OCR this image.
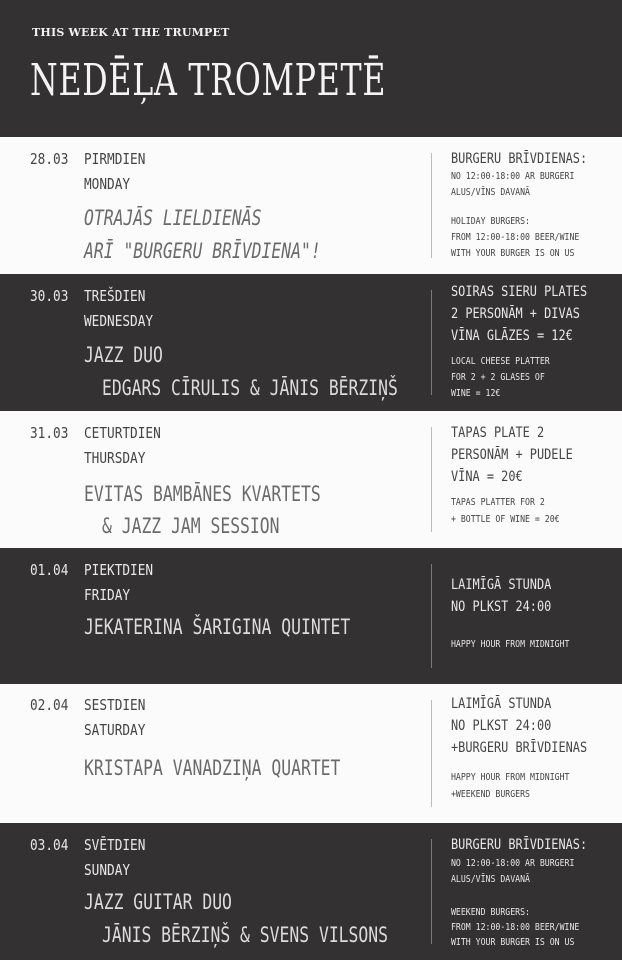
THIS WEEK AT THE TRUMPET
NEDĒĻA TROMPETĒ
28.03 PIRMDIEN
MONDAY
OTRAJĀS LIELDIENĀS
ARĪ "BURGERU BRĪVDIENA"!
BURGERU BRĪVDIENAS:
NO 12:00-18:00 AR BURGERI
ALUS/VĪNS DAVANĀ
HOLIDAY BURGERS:
FROM 12:00-18:00 BEER/WINE
WITH YOUR BURGER IS ON US
30.03 TREŠDIEN
WEDNESDAY
JAZZ DUO
EDGARS CĪRULIS & JĀNIS BĒRZIŅŠ
SOIRAS SIERU PLATES
2 PERSONĀM + DIVAS
VĪNA GLĀZES = 12€
LOCAL CHEESE PLATTER
FOR 2 + 2 GLASES OF
WINE = 12€
31.03 CETURTDIEN
THURSDAY
EVITAS BAMBĀNES KVARTETS
& JAZZ JAM SESSION
TAPAS PLATE 2
PERSONĀM + PUDELE
VĪNA = 20€
TAPAS PLATTER FOR 2
+ BOTTLE OF WINE = 20€
01.04 PIEKTDIEN
FRIDAY
JEKATERINA ŠARIGINA QUINTET
LAIMĪGĀ STUNDA
NO PLKST 24:00
HAPPY HOUR FROM MIDNIGHT
02.04 SESTDIEN
SATURDAY
KRISTAPA VANADZIŅA QUARTET
LAIMĪGĀ STUNDA
NO PLKST 24:00
+BURGERU BRĪVDIENAS
HAPPY HOUR FROM MIDNIGHT
+WEEKEND BURGERS
03.04 SVĒTDIEN
SUNDAY
JAZZ GUITAR DUO
JĀNIS BĒRZIŅŠ & SVENS VILSONS
BURGERU BRĪVDIENAS:
NO 12:00-18:00 AR BURGERI
ALUS/VĪNS DAVANĀ
WEEKEND BURGERS:
FROM 12:00-18:00 BEER/WINE
WITH YOUR BURGER IS ON US
